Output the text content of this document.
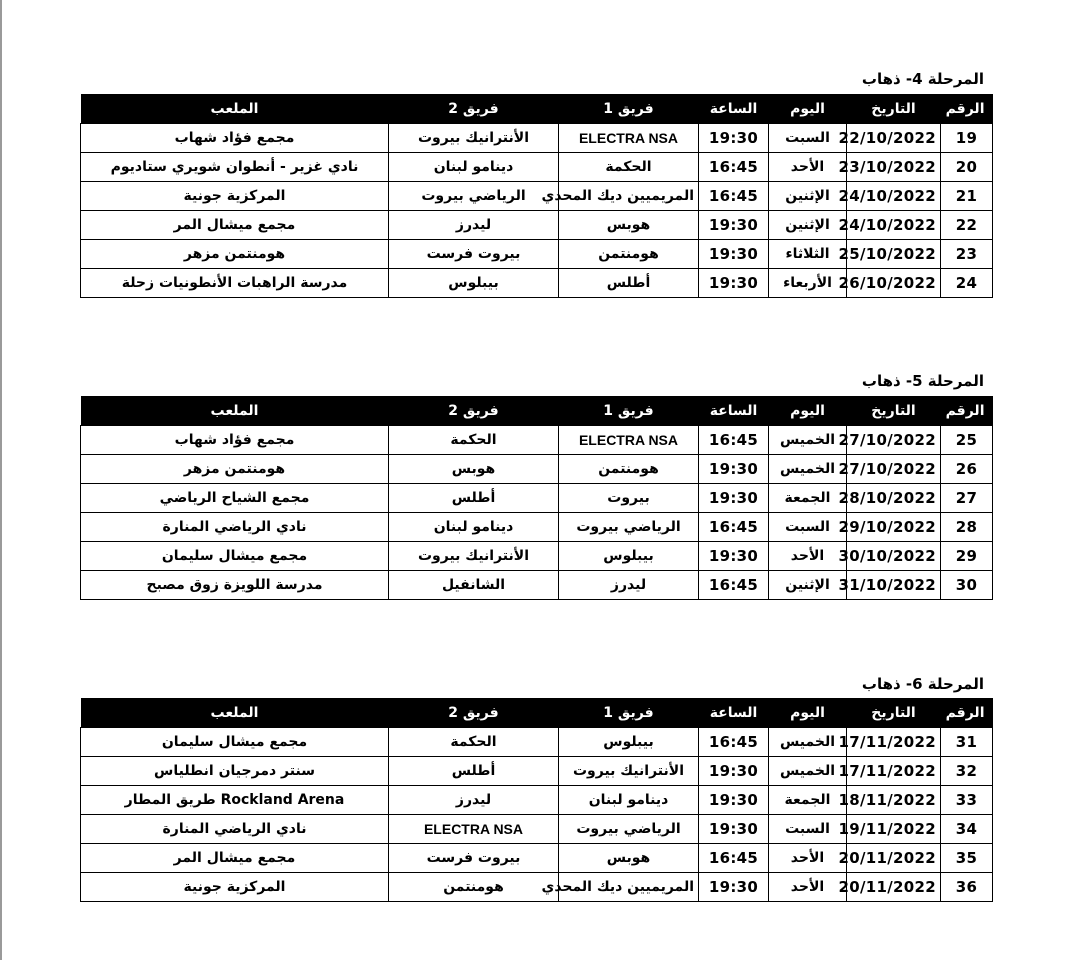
المرحلة 4- ذهاب
الرقم	التاريخ	اليوم	الساعة	فريق 1	فريق 2	الملعب
19	22/10/2022	السبت	19:30	ELECTRA NSA	الأنترانيك بيروت	مجمع فؤاد شهاب
20	23/10/2022	الأحد	16:45	الحكمة	دينامو لبنان	نادي غزير - أنطوان شويري ستاديوم
21	24/10/2022	الإثنين	16:45	المريميين ديك المحدي	الرياضي بيروت	المركزية جونية
22	24/10/2022	الإثنين	19:30	هوبس	ليدرز	مجمع ميشال المر
23	25/10/2022	الثلاثاء	19:30	هومنتمن	بيروت فرست	هومنتمن مزهر
24	26/10/2022	الأربعاء	19:30	أطلس	بيبلوس	مدرسة الراهبات الأنطونيات زحلة
المرحلة 5- ذهاب
الرقم	التاريخ	اليوم	الساعة	فريق 1	فريق 2	الملعب
25	27/10/2022	الخميس	16:45	ELECTRA NSA	الحكمة	مجمع فؤاد شهاب
26	27/10/2022	الخميس	19:30	هومنتمن	هوبس	هومنتمن مزهر
27	28/10/2022	الجمعة	19:30	بيروت	أطلس	مجمع الشياح الرياضي
28	29/10/2022	السبت	16:45	الرياضي بيروت	دينامو لبنان	نادي الرياضي المنارة
29	30/10/2022	الأحد	19:30	بيبلوس	الأنترانيك بيروت	مجمع ميشال سليمان
30	31/10/2022	الإثنين	16:45	ليدرز	الشانفيل	مدرسة اللويزة زوق مصبح
المرحلة 6- ذهاب
الرقم	التاريخ	اليوم	الساعة	فريق 1	فريق 2	الملعب
31	17/11/2022	الخميس	16:45	بيبلوس	الحكمة	مجمع ميشال سليمان
32	17/11/2022	الخميس	19:30	الأنترانيك بيروت	أطلس	سنتر دمرجيان انطلياس
33	18/11/2022	الجمعة	19:30	دينامو لبنان	ليدرز	Rockland Arena طريق المطار
34	19/11/2022	السبت	19:30	الرياضي بيروت	ELECTRA NSA	نادي الرياضي المنارة
35	20/11/2022	الأحد	16:45	هوبس	بيروت فرست	مجمع ميشال المر
36	20/11/2022	الأحد	19:30	المريميين ديك المحدي	هومنتمن	المركزية جونية
